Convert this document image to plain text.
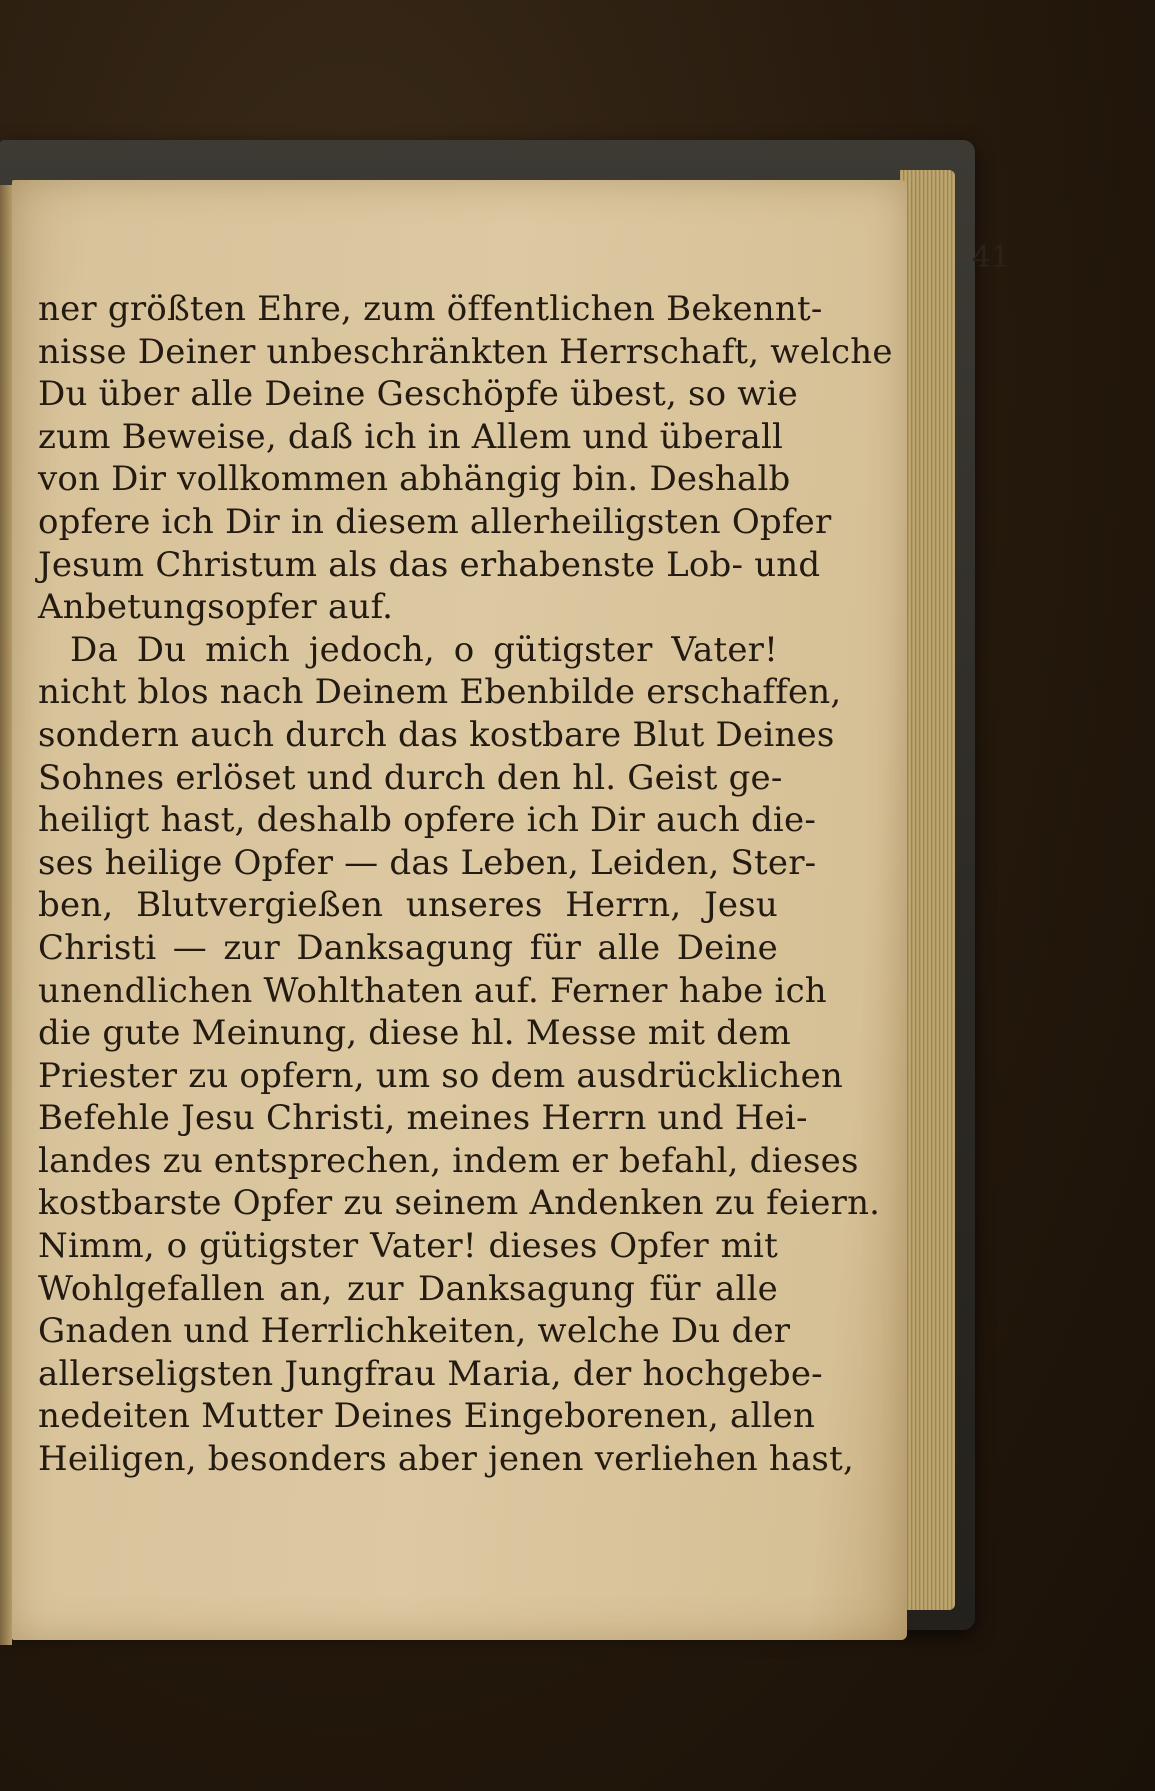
41
ner größten Ehre, zum öffentlichen Bekennt-
nisse Deiner unbeschränkten Herrschaft, welche
Du über alle Deine Geschöpfe übest, so wie
zum Beweise, daß ich in Allem und überall
von Dir vollkommen abhängig bin. Deshalb
opfere ich Dir in diesem allerheiligsten Opfer
Jesum Christum als das erhabenste Lob- und
Anbetungsopfer auf.
Da Du mich jedoch, o gütigster Vater!
nicht blos nach Deinem Ebenbilde erschaffen,
sondern auch durch das kostbare Blut Deines
Sohnes erlöset und durch den hl. Geist ge-
heiligt hast, deshalb opfere ich Dir auch die-
ses heilige Opfer — das Leben, Leiden, Ster-
ben, Blutvergießen unseres Herrn, Jesu
Christi — zur Danksagung für alle Deine
unendlichen Wohlthaten auf. Ferner habe ich
die gute Meinung, diese hl. Messe mit dem
Priester zu opfern, um so dem ausdrücklichen
Befehle Jesu Christi, meines Herrn und Hei-
landes zu entsprechen, indem er befahl, dieses
kostbarste Opfer zu seinem Andenken zu feiern.
Nimm, o gütigster Vater! dieses Opfer mit
Wohlgefallen an, zur Danksagung für alle
Gnaden und Herrlichkeiten, welche Du der
allerseligsten Jungfrau Maria, der hochgebe-
nedeiten Mutter Deines Eingeborenen, allen
Heiligen, besonders aber jenen verliehen hast,
